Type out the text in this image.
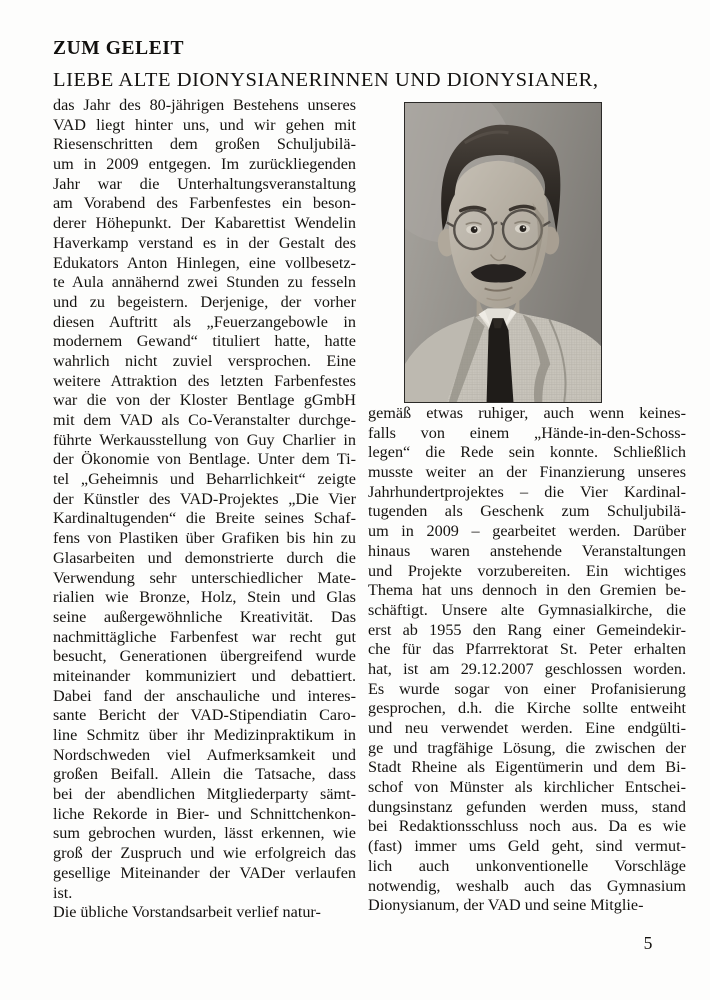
ZUM GELEIT
LIEBE ALTE DIONYSIANERINNEN UND DIONYSIANER,
das Jahr des 80-jährigen Bestehens unseres
VAD liegt hinter uns, und wir gehen mit
Riesenschritten dem großen Schuljubilä-
um in 2009 entgegen. Im zurückliegenden
Jahr war die Unterhaltungsveranstaltung
am Vorabend des Farbenfestes ein beson-
derer Höhepunkt. Der Kabarettist Wendelin
Haverkamp verstand es in der Gestalt des
Edukators Anton Hinlegen, eine vollbesetz-
te Aula annähernd zwei Stunden zu fesseln
und zu begeistern. Derjenige, der vorher
diesen Auftritt als „Feuerzangebowle in
modernem Gewand“ tituliert hatte, hatte
wahrlich nicht zuviel versprochen. Eine
weitere Attraktion des letzten Farbenfestes
war die von der Kloster Bentlage gGmbH
mit dem VAD als Co-Veranstalter durchge-
führte Werkausstellung von Guy Charlier in
der Ökonomie von Bentlage. Unter dem Ti-
tel „Geheimnis und Beharrlichkeit“ zeigte
der Künstler des VAD-Projektes „Die Vier
Kardinaltugenden“ die Breite seines Schaf-
fens von Plastiken über Grafiken bis hin zu
Glasarbeiten und demonstrierte durch die
Verwendung sehr unterschiedlicher Mate-
rialien wie Bronze, Holz, Stein und Glas
seine außergewöhnliche Kreativität. Das
nachmittägliche Farbenfest war recht gut
besucht, Generationen übergreifend wurde
miteinander kommuniziert und debattiert.
Dabei fand der anschauliche und interes-
sante Bericht der VAD-Stipendiatin Caro-
line Schmitz über ihr Medizinpraktikum in
Nordschweden viel Aufmerksamkeit und
großen Beifall. Allein die Tatsache, dass
bei der abendlichen Mitgliederparty sämt-
liche Rekorde in Bier- und Schnittchenkon-
sum gebrochen wurden, lässt erkennen, wie
groß der Zuspruch und wie erfolgreich das
gesellige Miteinander der VADer verlaufen
ist.
Die übliche Vorstandsarbeit verlief natur-
gemäß etwas ruhiger, auch wenn keines-
falls von einem „Hände-in-den-Schoss-
legen“ die Rede sein konnte. Schließlich
musste weiter an der Finanzierung unseres
Jahrhundertprojektes – die Vier Kardinal-
tugenden als Geschenk zum Schuljubilä-
um in 2009 – gearbeitet werden. Darüber
hinaus waren anstehende Veranstaltungen
und Projekte vorzubereiten. Ein wichtiges
Thema hat uns dennoch in den Gremien be-
schäftigt. Unsere alte Gymnasialkirche, die
erst ab 1955 den Rang einer Gemeindekir-
che für das Pfarrrektorat St. Peter erhalten
hat, ist am 29.12.2007 geschlossen worden.
Es wurde sogar von einer Profanisierung
gesprochen, d.h. die Kirche sollte entweiht
und neu verwendet werden. Eine endgülti-
ge und tragfähige Lösung, die zwischen der
Stadt Rheine als Eigentümerin und dem Bi-
schof von Münster als kirchlicher Entschei-
dungsinstanz gefunden werden muss, stand
bei Redaktionsschluss noch aus. Da es wie
(fast) immer ums Geld geht, sind vermut-
lich auch unkonventionelle Vorschläge
notwendig, weshalb auch das Gymnasium
Dionysianum, der VAD und seine Mitglie-
5
